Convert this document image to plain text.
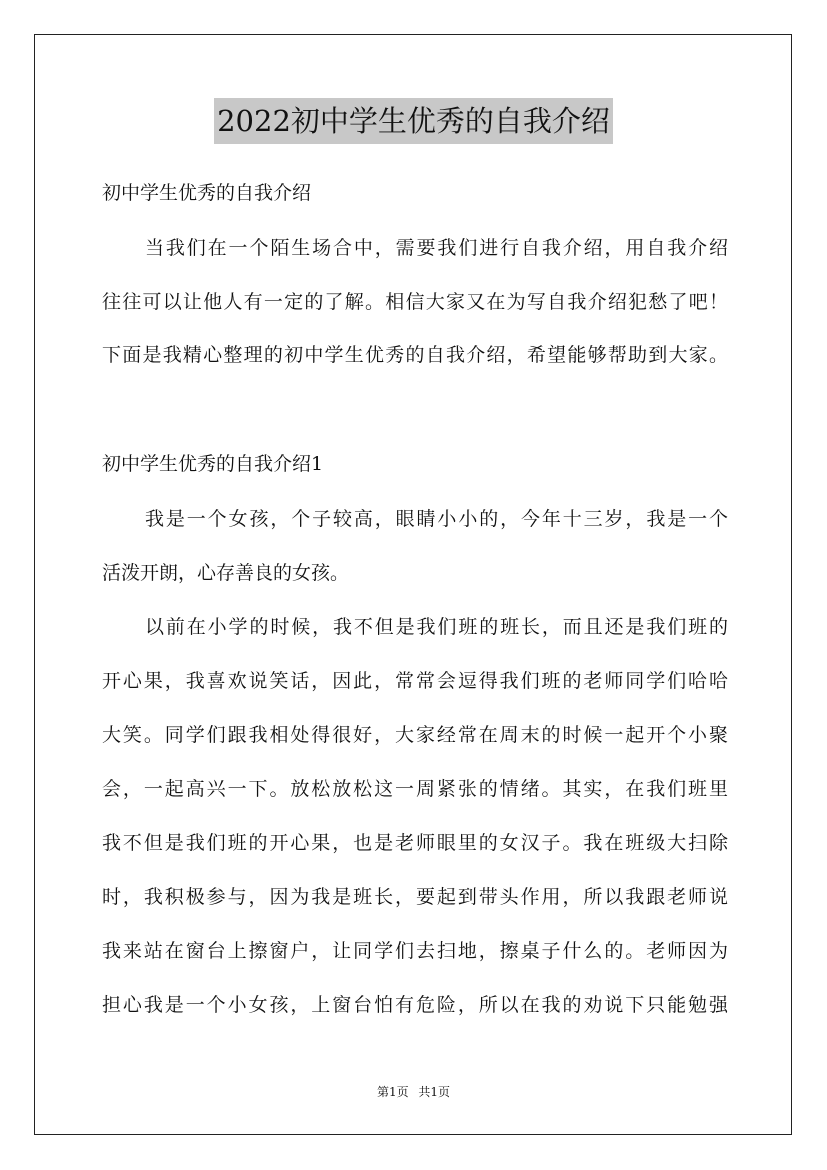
2022初中学生优秀的自我介绍
初中学生优秀的自我介绍
当我们在一个陌生场合中，需要我们进行自我介绍，用自我介绍
往往可以让他人有一定的了解。相信大家又在为写自我介绍犯愁了吧！
下面是我精心整理的初中学生优秀的自我介绍，希望能够帮助到大家。
初中学生优秀的自我介绍1
我是一个女孩，个子较高，眼睛小小的，今年十三岁，我是一个
活泼开朗，心存善良的女孩。
以前在小学的时候，我不但是我们班的班长，而且还是我们班的
开心果，我喜欢说笑话，因此，常常会逗得我们班的老师同学们哈哈
大笑。同学们跟我相处得很好，大家经常在周末的时候一起开个小聚
会，一起高兴一下。放松放松这一周紧张的情绪。其实，在我们班里
我不但是我们班的开心果，也是老师眼里的女汉子。我在班级大扫除
时，我积极参与，因为我是班长，要起到带头作用，所以我跟老师说
我来站在窗台上擦窗户，让同学们去扫地，擦桌子什么的。老师因为
担心我是一个小女孩，上窗台怕有危险，所以在我的劝说下只能勉强
第1页 共1页
